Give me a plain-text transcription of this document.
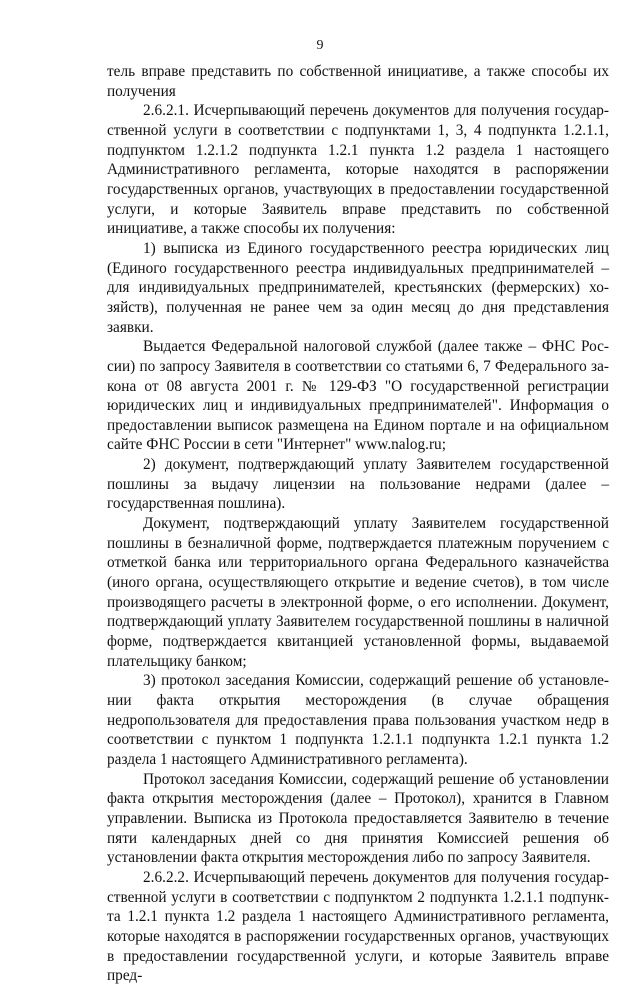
9

тель вправе представить по собственной инициативе, а также способы их получения

2.6.2.1. Исчерпывающий перечень документов для получения государственной услуги в соответствии с подпунктами 1, 3, 4 подпункта 1.2.1.1, подпунктом 1.2.1.2 подпункта 1.2.1 пункта 1.2 раздела 1 настоящего Административного регламента, которые находятся в распоряжении государственных органов, участвующих в предоставлении государственной услуги, и которые Заявитель вправе представить по собственной инициативе, а также способы их получения:

1) выписка из Единого государственного реестра юридических лиц (Единого государственного реестра индивидуальных предпринимателей – для индивидуальных предпринимателей, крестьянских (фермерских) хозяйств), полученная не ранее чем за один месяц до дня представления заявки.

Выдается Федеральной налоговой службой (далее также – ФНС России) по запросу Заявителя в соответствии со статьями 6, 7 Федерального закона от 08 августа 2001 г. № 129-ФЗ "О государственной регистрации юридических лиц и индивидуальных предпринимателей". Информация о предоставлении выписок размещена на Едином портале и на официальном сайте ФНС России в сети "Интернет" www.nalog.ru;

2) документ, подтверждающий уплату Заявителем государственной пошлины за выдачу лицензии на пользование недрами (далее – государственная пошлина).

Документ, подтверждающий уплату Заявителем государственной пошлины в безналичной форме, подтверждается платежным поручением с отметкой банка или территориального органа Федерального казначейства (иного органа, осуществляющего открытие и ведение счетов), в том числе производящего расчеты в электронной форме, о его исполнении. Документ, подтверждающий уплату Заявителем государственной пошлины в наличной форме, подтверждается квитанцией установленной формы, выдаваемой плательщику банком;

3) протокол заседания Комиссии, содержащий решение об установлении факта открытия месторождения (в случае обращения недропользователя для предоставления права пользования участком недр в соответствии с пунктом 1 подпункта 1.2.1.1 подпункта 1.2.1 пункта 1.2 раздела 1 настоящего Административного регламента).

Протокол заседания Комиссии, содержащий решение об установлении факта открытия месторождения (далее – Протокол), хранится в Главном управлении. Выписка из Протокола предоставляется Заявителю в течение пяти календарных дней со дня принятия Комиссией решения об установлении факта открытия месторождения либо по запросу Заявителя.

2.6.2.2. Исчерпывающий перечень документов для получения государственной услуги в соответствии с подпунктом 2 подпункта 1.2.1.1 подпункта 1.2.1 пункта 1.2 раздела 1 настоящего Административного регламента, которые находятся в распоряжении государственных органов, участвующих в предоставлении государственной услуги, и которые Заявитель вправе пред-
